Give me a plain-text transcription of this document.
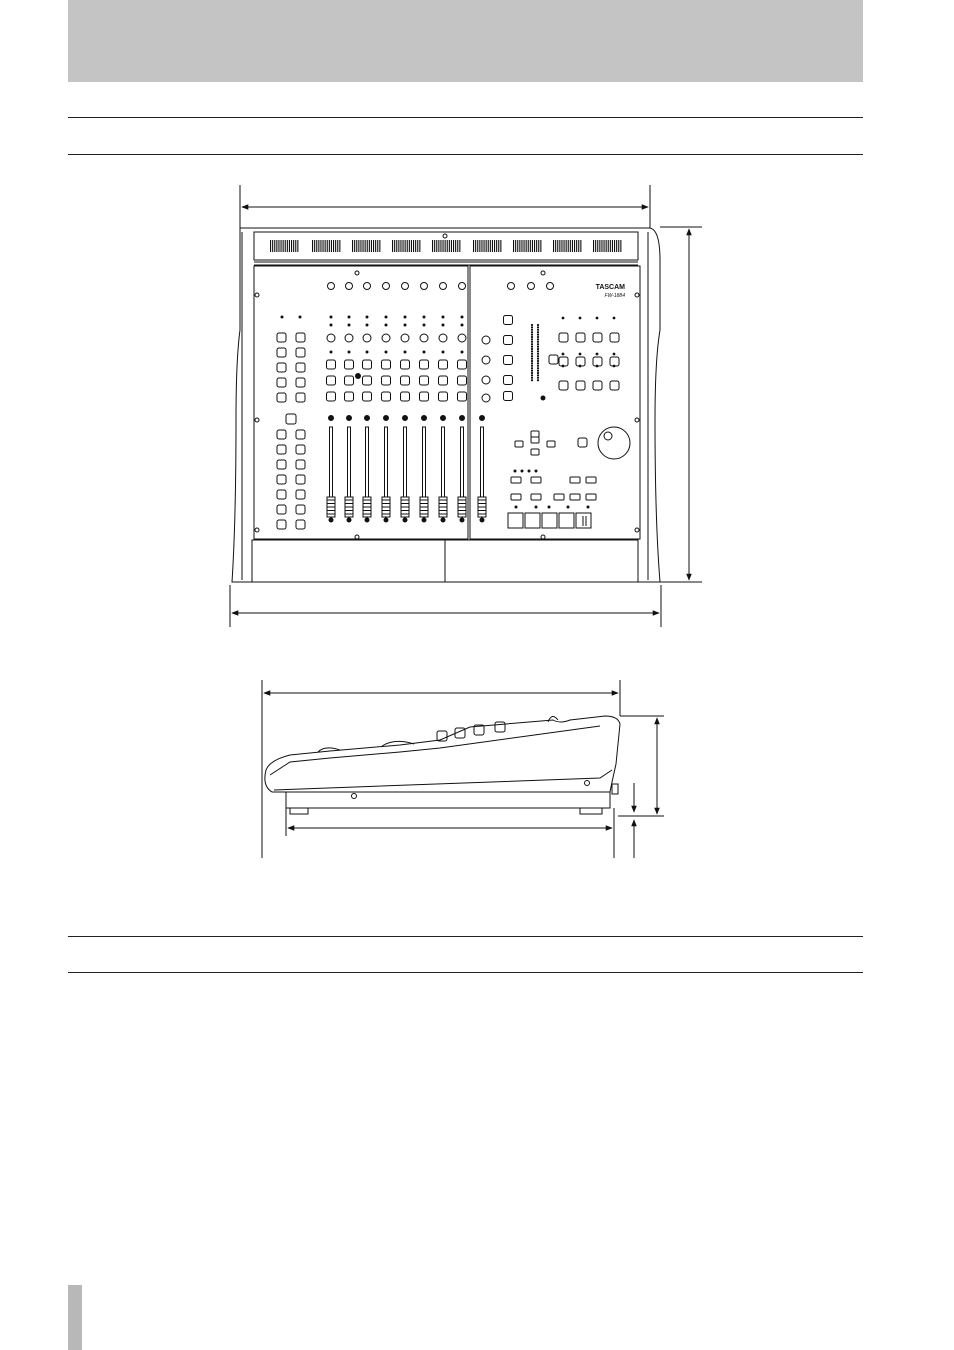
TASCAM
FW-1884
